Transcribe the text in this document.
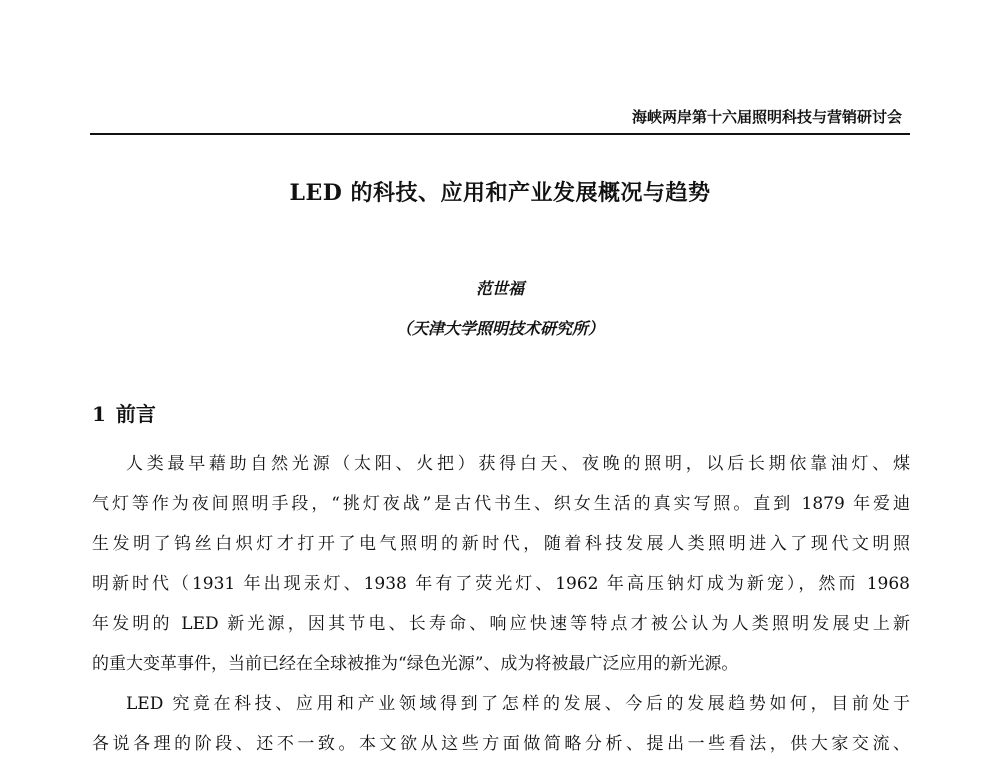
海峡两岸第十六届照明科技与营销研讨会
LED 的科技、应用和产业发展概况与趋势
范世福
（天津大学照明技术研究所）
1 前言
人类最早藉助自然光源（太阳、火把）获得白天、夜晚的照明，以后长期依靠油灯、煤
气灯等作为夜间照明手段，“挑灯夜战”是古代书生、织女生活的真实写照。直到 1879 年爱迪
生发明了钨丝白炽灯才打开了电气照明的新时代，随着科技发展人类照明进入了现代文明照
明新时代（1931 年出现汞灯、1938 年有了荧光灯、1962 年高压钠灯成为新宠），然而 1968
年发明的 LED 新光源，因其节电、长寿命、响应快速等特点才被公认为人类照明发展史上新
的重大变革事件，当前已经在全球被推为“绿色光源”、成为将被最广泛应用的新光源。
LED 究竟在科技、应用和产业领域得到了怎样的发展、今后的发展趋势如何，目前处于
各说各理的阶段、还不一致。本文欲从这些方面做简略分析、提出一些看法，供大家交流、
